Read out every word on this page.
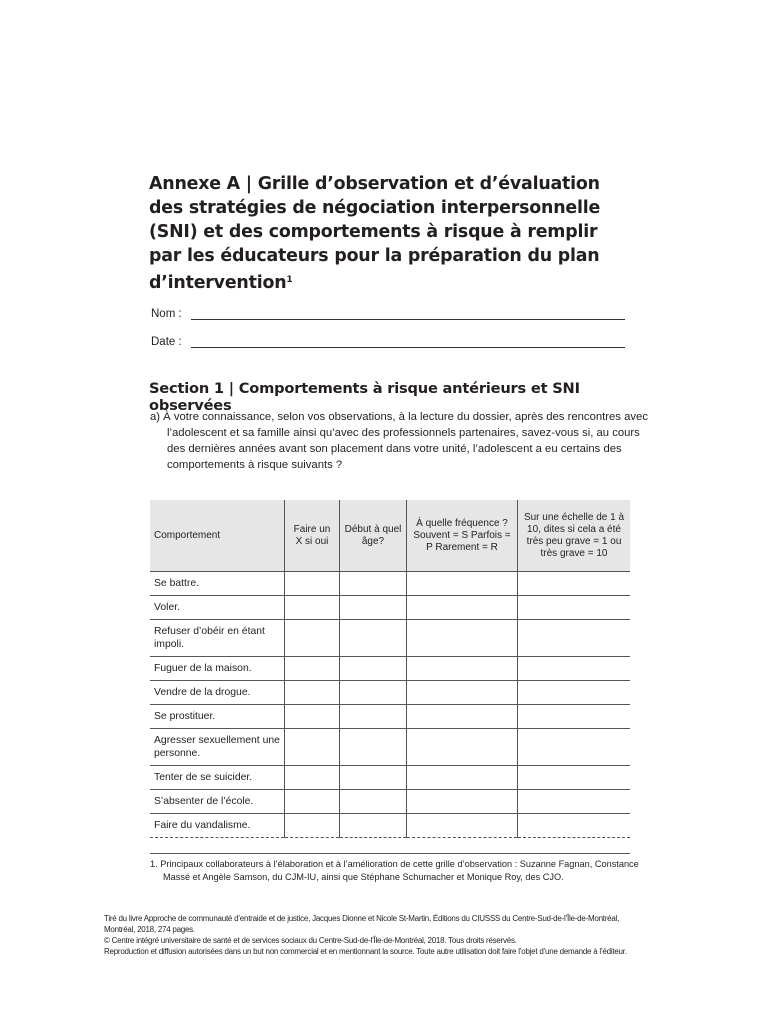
Annexe A | Grille d’observation et d’évaluation des stratégies de négociation interpersonnelle (SNI) et des comportements à risque à remplir par les éducateurs pour la préparation du plan d’intervention$^1$
Nom :
Date :
Section 1 | Comportements à risque antérieurs et SNI observées

a) À votre connaissance, selon vos observations, à la lecture du dossier, après des rencontres avec l’adolescent et sa famille ainsi qu’avec des professionnels partenaires, savez-vous si, au cours des dernières années avant son placement dans votre unité, l’adolescent a eu certains des comportements à risque suivants ?

Comportement	Faire un X si oui	Début à quel âge?	À quelle fréquence ? Souvent = S Parfois = P Rarement = R	Sur une échelle de 1 à 10, dites si cela a été très peu grave = 1 ou très grave = 10
Se battre.				
Voler.				
Refuser d’obéir en étant impoli.				
Fuguer de la maison.				
Vendre de la drogue.				
Se prostituer.				
Agresser sexuellement une personne.				
Tenter de se suicider.				
S’absenter de l’école.				
Faire du vandalisme.				

1. Principaux collaborateurs à l’élaboration et à l’amélioration de cette grille d’observation : Suzanne Fagnan, Constance Massé et Angèle Samson, du CJM-IU, ainsi que Stéphane Schumacher et Monique Roy, des CJO.

Tiré du livre Approche de communauté d’entraide et de justice, Jacques Dionne et Nicole St-Martin, Éditions du CIUSSS du Centre-Sud-de-l’Île-de-Montréal,
Montréal, 2018, 274 pages.
© Centre intégré universitaire de santé et de services sociaux du Centre-Sud-de-l’Île-de-Montréal, 2018. Tous droits réservés.
Reproduction et diffusion autorisées dans un but non commercial et en mentionnant la source. Toute autre utilisation doit faire l’objet d’une demande à l’éditeur.
